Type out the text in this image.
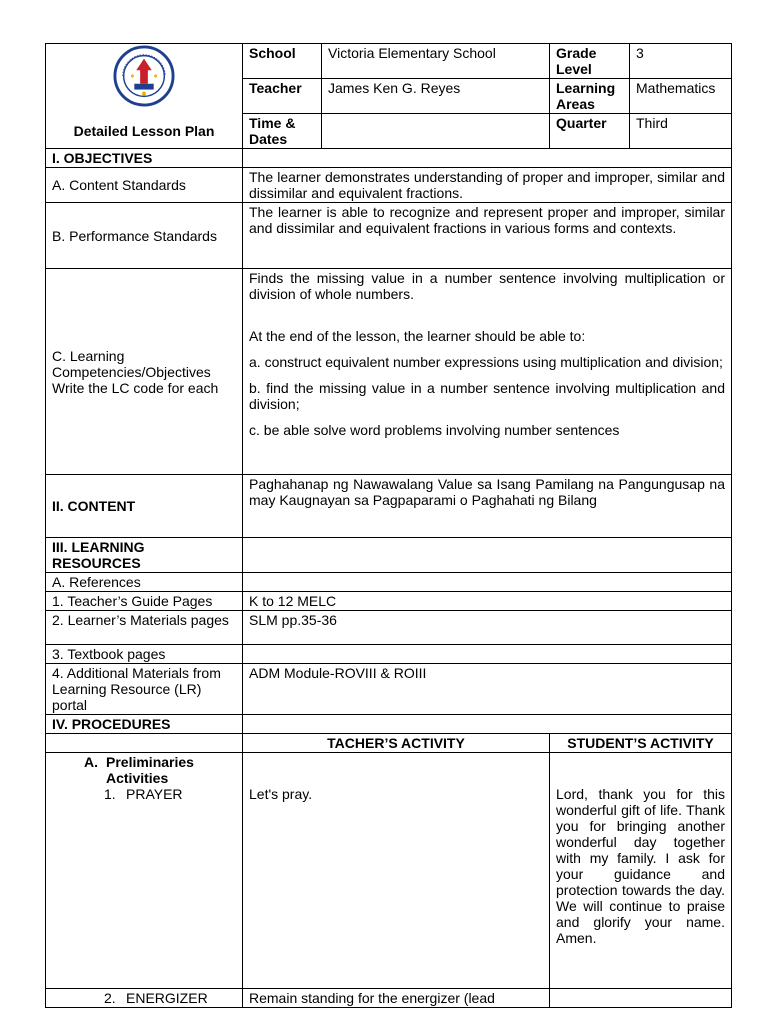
Detailed Lesson Plan	School	Victoria Elementary School	Grade Level	3
	Teacher	James Ken G. Reyes	Learning Areas	Mathematics
	Time & Dates		Quarter	Third
I. OBJECTIVES				
A. Content Standards	The learner demonstrates understanding of proper and improper, similar and dissimilar and equivalent fractions.			
B. Performance Standards	The learner is able to recognize and represent proper and improper, similar and dissimilar and equivalent fractions in various forms and contexts.			
C. Learning Competencies/Objectives Write the LC code for each	Finds the missing value in a number sentence involving multiplication or division of whole numbers.

At the end of the lesson, the learner should be able to:

a. construct equivalent number expressions using multiplication and division;

b. find the missing value in a number sentence involving multiplication and division;

c. be able solve word problems involving number sentences			

II. CONTENT	Paghahanap ng Nawawalang Value sa Isang Pamilang na Pangungusap na may Kaugnayan sa Pagpaparami o Paghahati ng Bilang			
III. LEARNING RESOURCES				
A. References				
1. Teacher’s Guide Pages	K to 12 MELC			
2. Learner’s Materials pages	SLM pp.35-36			
3. Textbook pages				
4. Additional Materials from Learning Resource (LR) portal	ADM Module-ROVIII & ROIII			
IV. PROCEDURES				
	TACHER’S ACTIVITY		STUDENT’S ACTIVITY	

A. Preliminaries Activities
1. PRAYER	Let's pray.		Lord, thank you for this wonderful gift of life. Thank you for bringing another wonderful day together with my family. I ask for your guidance and protection towards the day. We will continue to praise and glorify your name. Amen.	

2. ENERGIZER	Remain standing for the energizer (lead			
